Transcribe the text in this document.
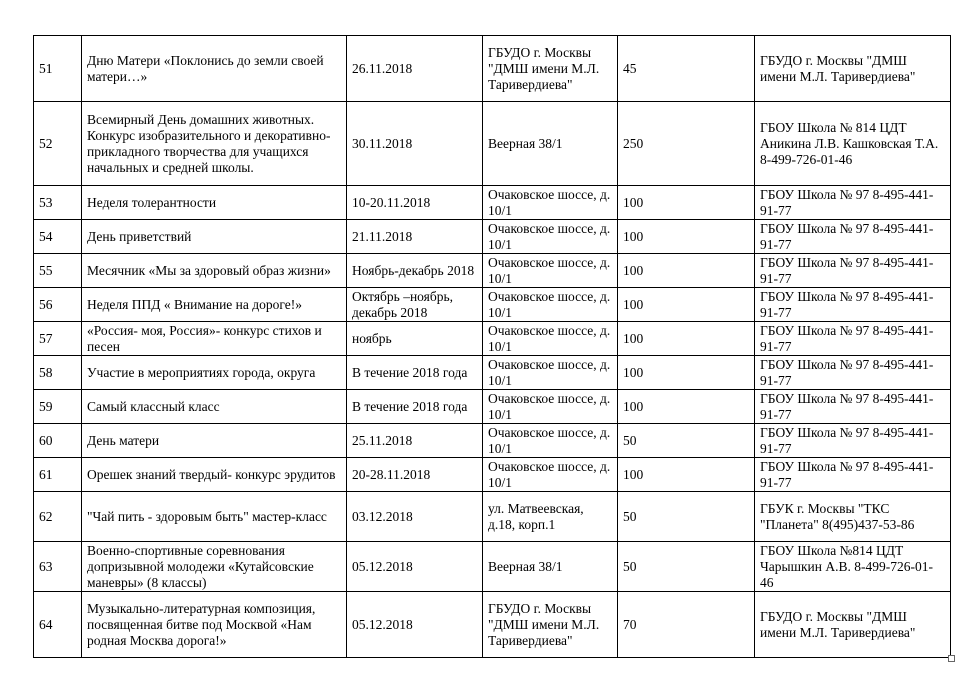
51	Дню Матери «Поклонись до земли своей матери…»	26.11.2018	ГБУДО г. Москвы "ДМШ имени М.Л. Таривердиева"	45	ГБУДО г. Москвы "ДМШ имени М.Л. Таривердиева"
52	Всемирный День домашних животных. Конкурс изобразительного и декоративно-прикладного творчества для учащихся начальных и средней школы.	30.11.2018	Веерная 38/1	250	ГБОУ Школа № 814 ЦДТ Аникина Л.В. Кашковская Т.А. 8-499-726-01-46
53	Неделя толерантности	10-20.11.2018	Очаковское шоссе, д. 10/1	100	ГБОУ Школа № 97 8-495-441-91-77
54	День приветствий	21.11.2018	Очаковское шоссе, д. 10/1	100	ГБОУ Школа № 97 8-495-441-91-77
55	Месячник «Мы за здоровый образ жизни»	Ноябрь-декабрь 2018	Очаковское шоссе, д. 10/1	100	ГБОУ Школа № 97 8-495-441-91-77
56	Неделя ППД « Внимание на дороге!»	Октябрь –ноябрь, декабрь 2018	Очаковское шоссе, д. 10/1	100	ГБОУ Школа № 97 8-495-441-91-77
57	«Россия- моя, Россия»- конкурс стихов и песен	ноябрь	Очаковское шоссе, д. 10/1	100	ГБОУ Школа № 97 8-495-441-91-77
58	Участие в мероприятиях города, округа	В течение 2018 года	Очаковское шоссе, д. 10/1	100	ГБОУ Школа № 97 8-495-441-91-77
59	Самый классный класс	В течение 2018 года	Очаковское шоссе, д. 10/1	100	ГБОУ Школа № 97 8-495-441-91-77
60	День матери	25.11.2018	Очаковское шоссе, д. 10/1	50	ГБОУ Школа № 97 8-495-441-91-77
61	Орешек знаний твердый- конкурс эрудитов	20-28.11.2018	Очаковское шоссе, д. 10/1	100	ГБОУ Школа № 97 8-495-441-91-77
62	"Чай пить - здоровым быть" мастер-класс	03.12.2018	ул. Матвеевская, д.18, корп.1	50	ГБУК г. Москвы "ТКС "Планета" 8(495)437-53-86
63	Военно-спортивные соревнования допризывной молодежи «Кутайсовские маневры» (8 классы)	05.12.2018	Веерная 38/1	50	ГБОУ Школа №814 ЦДТ Чарышкин А.В. 8-499-726-01-46
64	Музыкально-литературная композиция, посвященная битве под Москвой «Нам родная Москва дорога!»	05.12.2018	ГБУДО г. Москвы "ДМШ имени М.Л. Таривердиева"	70	ГБУДО г. Москвы "ДМШ имени М.Л. Таривердиева"
